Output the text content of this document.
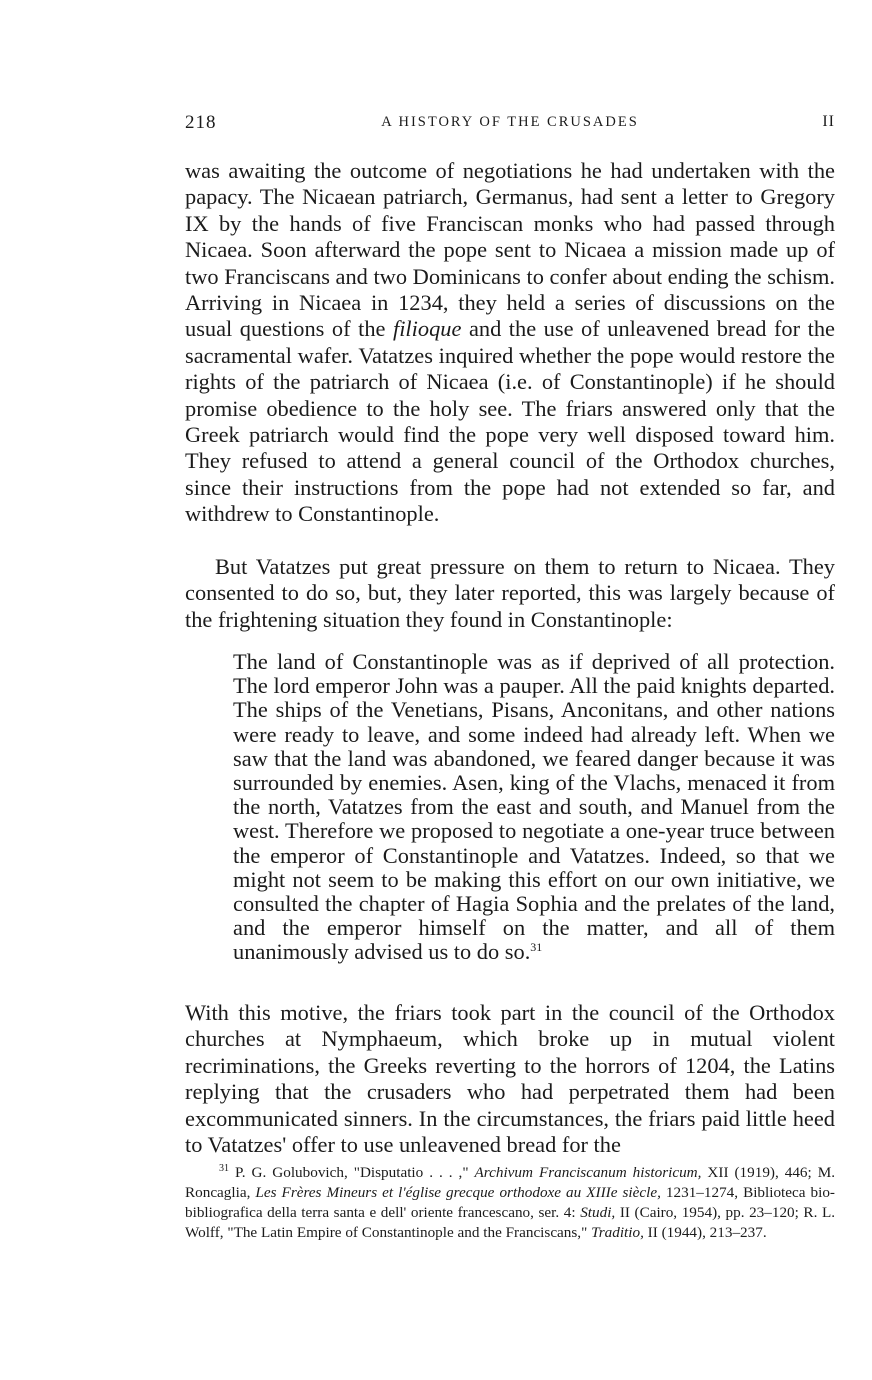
218	A HISTORY OF THE CRUSADES	II

was awaiting the outcome of negotiations he had undertaken with the papacy. The Nicaean patriarch, Germanus, had sent a letter to Gregory IX by the hands of five Franciscan monks who had passed through Nicaea. Soon afterward the pope sent to Nicaea a mission made up of two Franciscans and two Dominicans to confer about ending the schism. Arriving in Nicaea in 1234, they held a series of discussions on the usual questions of the filioque and the use of unleavened bread for the sacramental wafer. Vatatzes inquired whether the pope would restore the rights of the patriarch of Nicaea (i.e. of Constantinople) if he should promise obedience to the holy see. The friars answered only that the Greek patriarch would find the pope very well disposed toward him. They refused to attend a general council of the Orthodox churches, since their instructions from the pope had not extended so far, and withdrew to Constantinople.

But Vatatzes put great pressure on them to return to Nicaea. They consented to do so, but, they later reported, this was largely because of the frightening situation they found in Constantinople:

The land of Constantinople was as if deprived of all protection. The lord emperor John was a pauper. All the paid knights departed. The ships of the Venetians, Pisans, Anconitans, and other nations were ready to leave, and some indeed had already left. When we saw that the land was abandoned, we feared danger because it was surrounded by enemies. Asen, king of the Vlachs, menaced it from the north, Vatatzes from the east and south, and Manuel from the west. Therefore we proposed to negotiate a one-year truce between the emperor of Constantinople and Vatatzes. Indeed, so that we might not seem to be making this effort on our own initiative, we consulted the chapter of Hagia Sophia and the prelates of the land, and the emperor himself on the matter, and all of them unanimously advised us to do so.$^{31}$

With this motive, the friars took part in the council of the Orthodox churches at Nymphaeum, which broke up in mutual violent recriminations, the Greeks reverting to the horrors of 1204, the Latins replying that the crusaders who had perpetrated them had been excommunicated sinners. In the circumstances, the friars paid little heed to Vatatzes' offer to use unleavened bread for the

$^{31}$ P. G. Golubovich, "Disputatio . . . ," Archivum Franciscanum historicum, XII (1919), 446; M. Roncaglia, Les Frères Mineurs et l'église grecque orthodoxe au XIIIe siècle, 1231–1274, Biblioteca bio-bibliografica della terra santa e dell' oriente francescano, ser. 4: Studi, II (Cairo, 1954), pp. 23–120; R. L. Wolff, "The Latin Empire of Constantinople and the Franciscans," Traditio, II (1944), 213–237.
